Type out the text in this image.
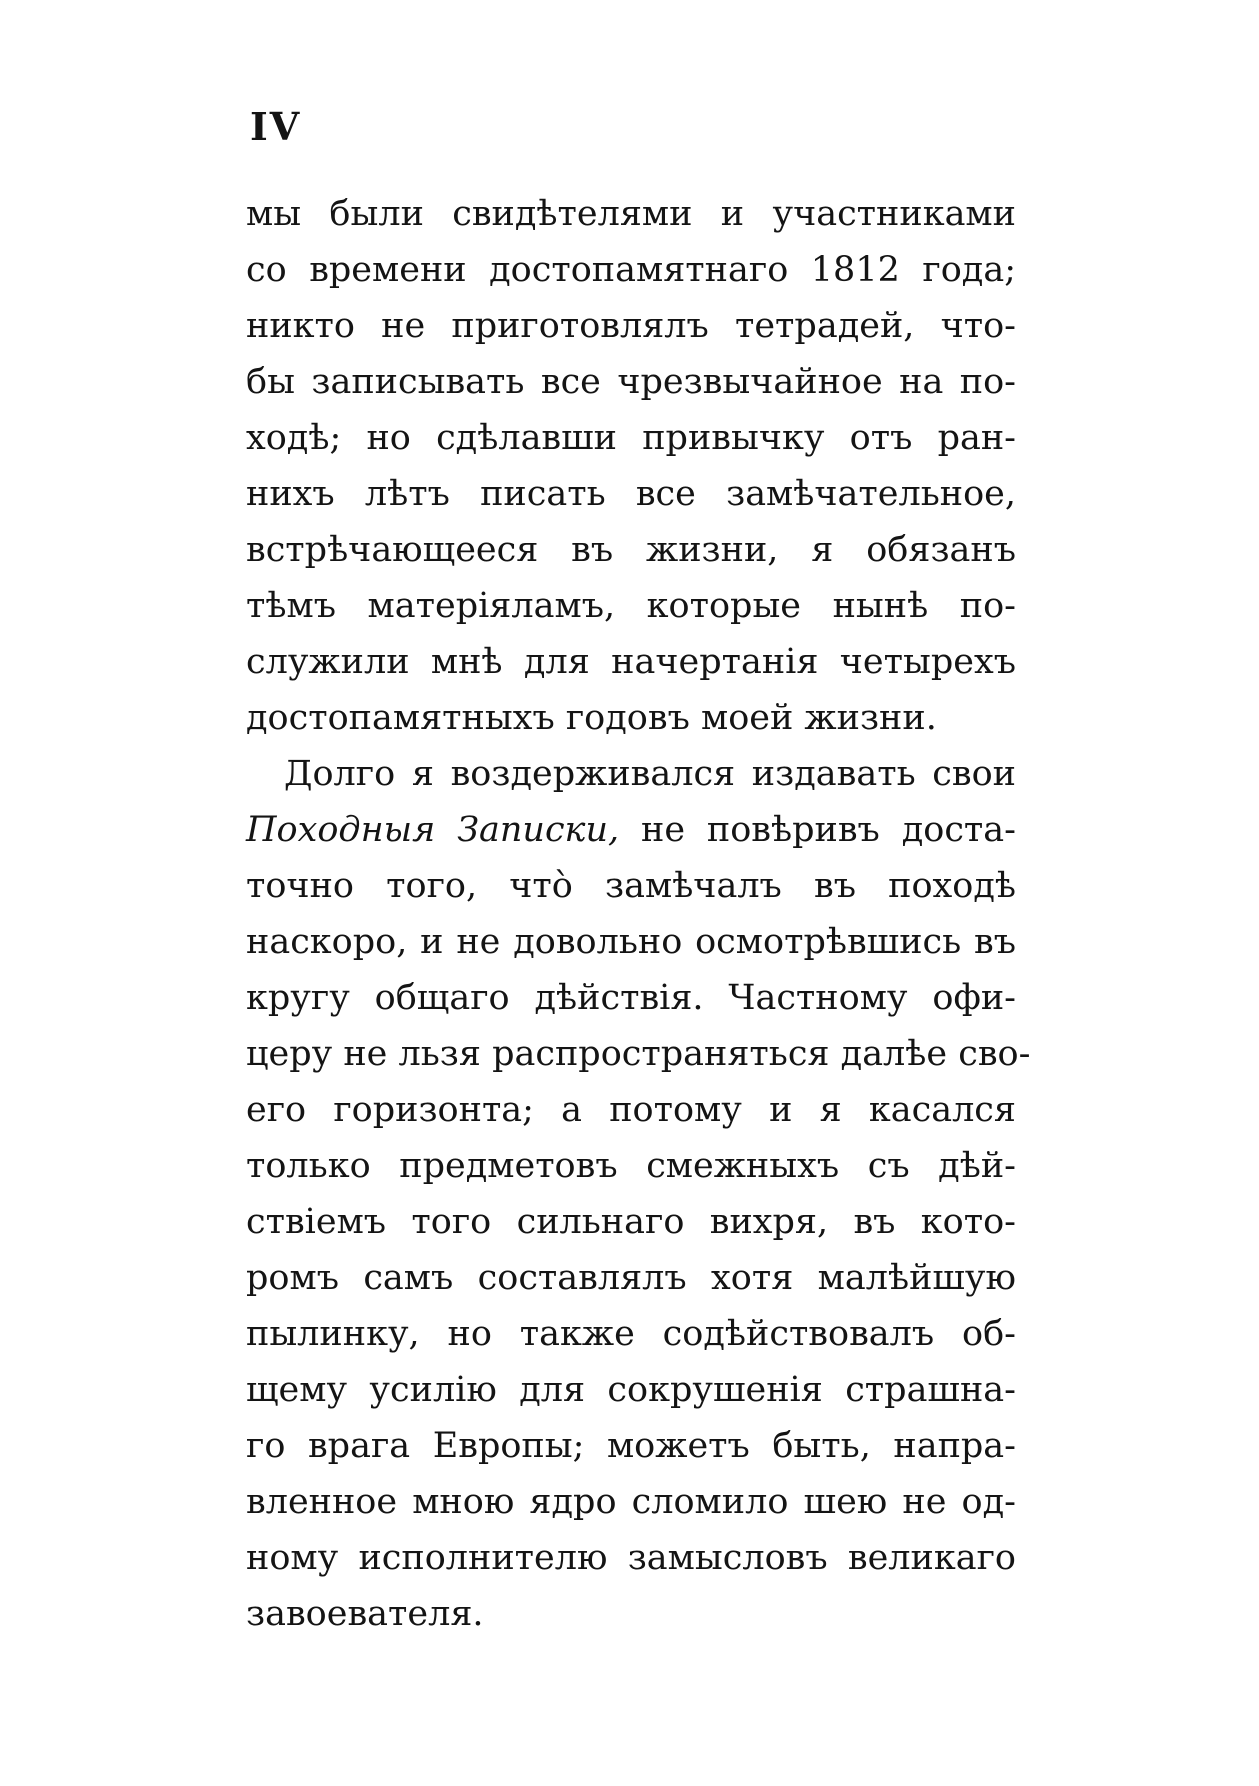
IV
мы были свидѣтелями и участниками
со времени достопамятнаго 1812 года;
никто не приготовлялъ тетрадей, чтo-
бы записывать все чрезвычайное на по-
ходѣ; но сдѣлавши привычку отъ ран-
нихъ лѣтъ писать все замѣчательное,
встрѣчающееся въ жизни, я обязанъ
тѣмъ матеріяламъ, которые нынѣ по-
служили мнѣ для начертанія четырехъ
достопамятныхъ годовъ моей жизни.
Долго я воздерживался издавать свои
Походныя Записки, не повѣривъ доста-
точно того, чтò замѣчалъ въ походѣ
наскоро, и не довольно осмотрѣвшись въ
кругу общаго дѣйствія. Частному офи-
церу не льзя распространяться далѣе сво-
его горизонта; а потому и я касался
только предметовъ смежныхъ съ дѣй-
ствіемъ того сильнаго вихря, въ кото-
ромъ самъ составлялъ хотя малѣйшую
пылинку, но также содѣйствовалъ об-
щему усилію для сокрушенія страшна-
го врага Европы; можетъ быть, напра-
вленное мною ядро сломило шею не од-
ному исполнителю замысловъ великаго
завоевателя.
